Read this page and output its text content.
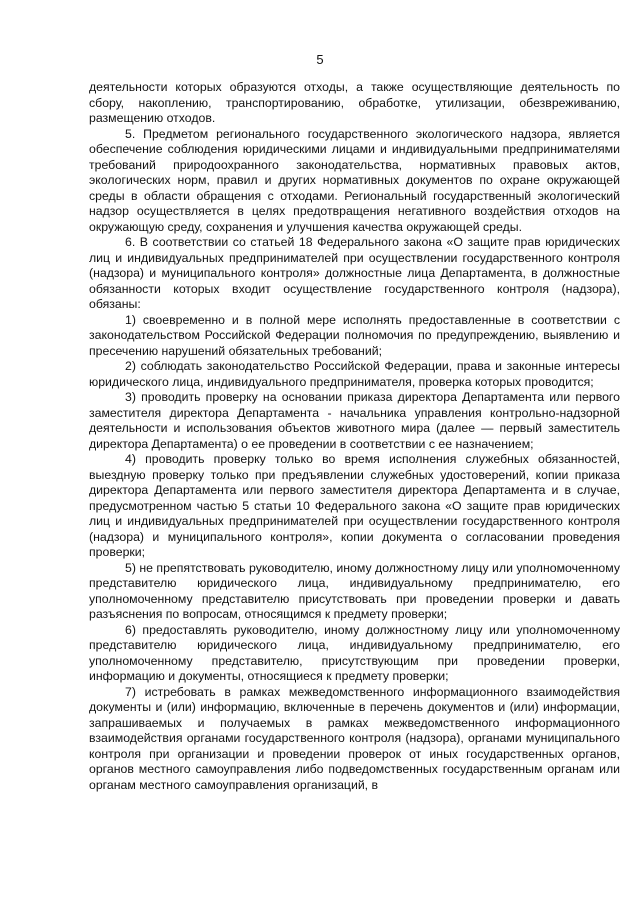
5

деятельности которых образуются отходы, а также осуществляющие деятельность по сбору, накоплению, транспортированию, обработке, утилизации, обезвреживанию, размещению отходов.

5. Предметом регионального государственного экологического надзора, является обеспечение соблюдения юридическими лицами и индивидуальными предпринимателями требований природоохранного законодательства, нормативных правовых актов, экологических норм, правил и других нормативных документов по охране окружающей среды в области обращения с отходами. Региональный государственный экологический надзор осуществляется в целях предотвращения негативного воздействия отходов на окружающую среду, сохранения и улучшения качества окружающей среды.

6. В соответствии со статьей 18 Федерального закона «О защите прав юридических лиц и индивидуальных предпринимателей при осуществлении государственного контроля (надзора) и муниципального контроля» должностные лица Департамента, в должностные обязанности которых входит осуществление государственного контроля (надзора), обязаны:

1) своевременно и в полной мере исполнять предоставленные в соответствии с законодательством Российской Федерации полномочия по предупреждению, выявлению и пресечению нарушений обязательных требований;

2) соблюдать законодательство Российской Федерации, права и законные интересы юридического лица, индивидуального предпринимателя, проверка которых проводится;

3) проводить проверку на основании приказа директора Департамента или первого заместителя директора Департамента - начальника управления контрольно-надзорной деятельности и использования объектов животного мира (далее — первый заместитель директора Департамента) о ее проведении в соответствии с ее назначением;

4) проводить проверку только во время исполнения служебных обязанностей, выездную проверку только при предъявлении служебных удостоверений, копии приказа директора Департамента или первого заместителя директора Департамента и в случае, предусмотренном частью 5 статьи 10 Федерального закона «О защите прав юридических лиц и индивидуальных предпринимателей при осуществлении государственного контроля (надзора) и муниципального контроля», копии документа о согласовании проведения проверки;

5) не препятствовать руководителю, иному должностному лицу или уполномоченному представителю юридического лица, индивидуальному предпринимателю, его уполномоченному представителю присутствовать при проведении проверки и давать разъяснения по вопросам, относящимся к предмету проверки;

6) предоставлять руководителю, иному должностному лицу или уполномоченному представителю юридического лица, индивидуальному предпринимателю, его уполномоченному представителю, присутствующим при проведении проверки, информацию и документы, относящиеся к предмету проверки;

7) истребовать в рамках межведомственного информационного взаимодействия документы и (или) информацию, включенные в перечень документов и (или) информации, запрашиваемых и получаемых в рамках межведомственного информационного взаимодействия органами государственного контроля (надзора), органами муниципального контроля при организации и проведении проверок от иных государственных органов, органов местного самоуправления либо подведомственных государственным органам или органам местного самоуправления организаций, в
